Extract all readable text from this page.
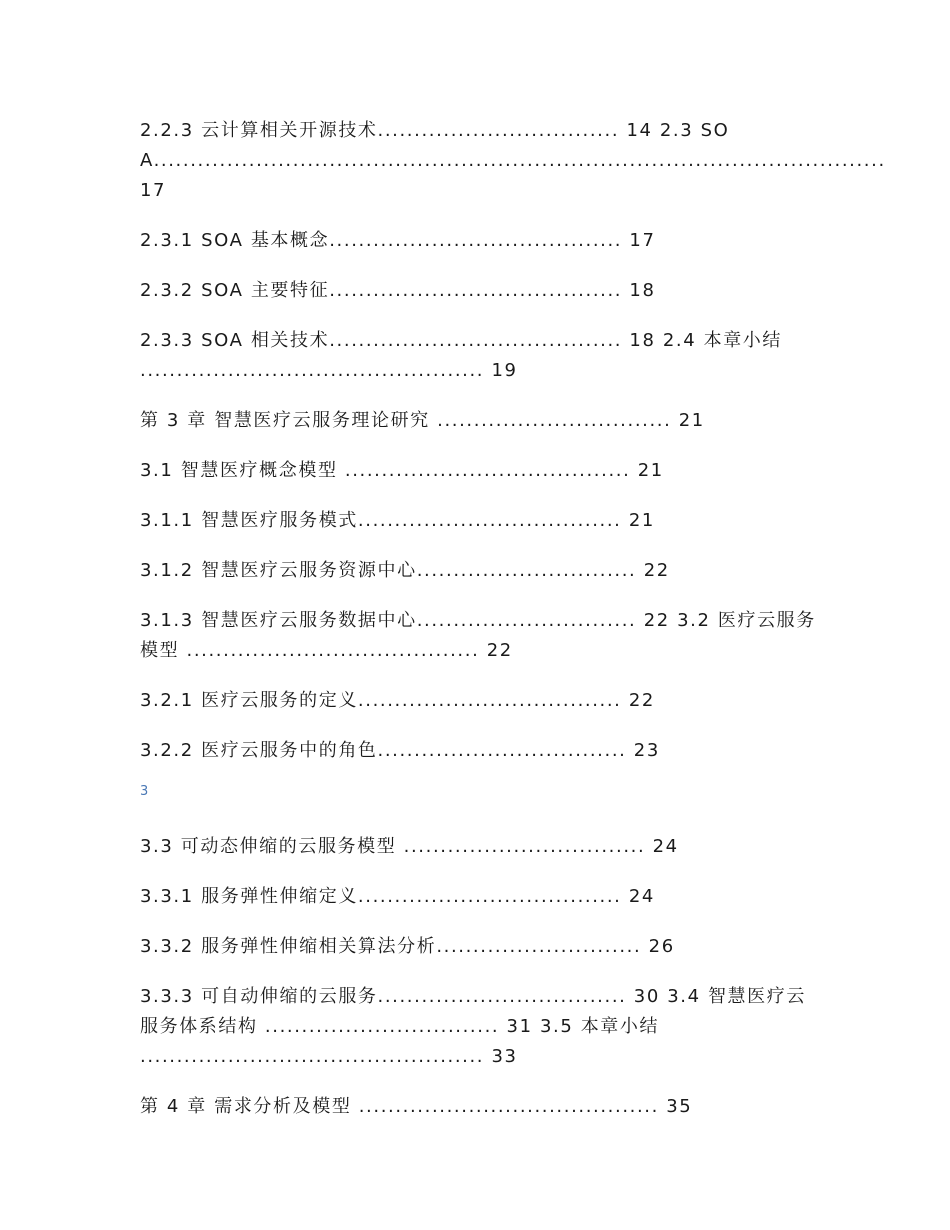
2.2.3 云计算相关开源技术................................. 14 2.3 SOA.................................................................................................... 17
2.3.1 SOA 基本概念........................................ 17
2.3.2 SOA 主要特征........................................ 18
2.3.3 SOA 相关技术........................................ 18 2.4 本章小结 ............................................... 19
第 3 章 智慧医疗云服务理论研究 ................................ 21
3.1 智慧医疗概念模型 ....................................... 21
3.1.1 智慧医疗服务模式.................................... 21
3.1.2 智慧医疗云服务资源中心.............................. 22
3.1.3 智慧医疗云服务数据中心.............................. 22 3.2 医疗云服务模型 ........................................ 22
3.2.1 医疗云服务的定义.................................... 22
3.2.2 医疗云服务中的角色.................................. 23
3
3.3 可动态伸缩的云服务模型 ................................. 24
3.3.1 服务弹性伸缩定义.................................... 24
3.3.2 服务弹性伸缩相关算法分析............................ 26
3.3.3 可自动伸缩的云服务.................................. 30 3.4 智慧医疗云服务体系结构 ................................ 31 3.5 本章小结 ............................................... 33
第 4 章 需求分析及模型 ......................................... 35
